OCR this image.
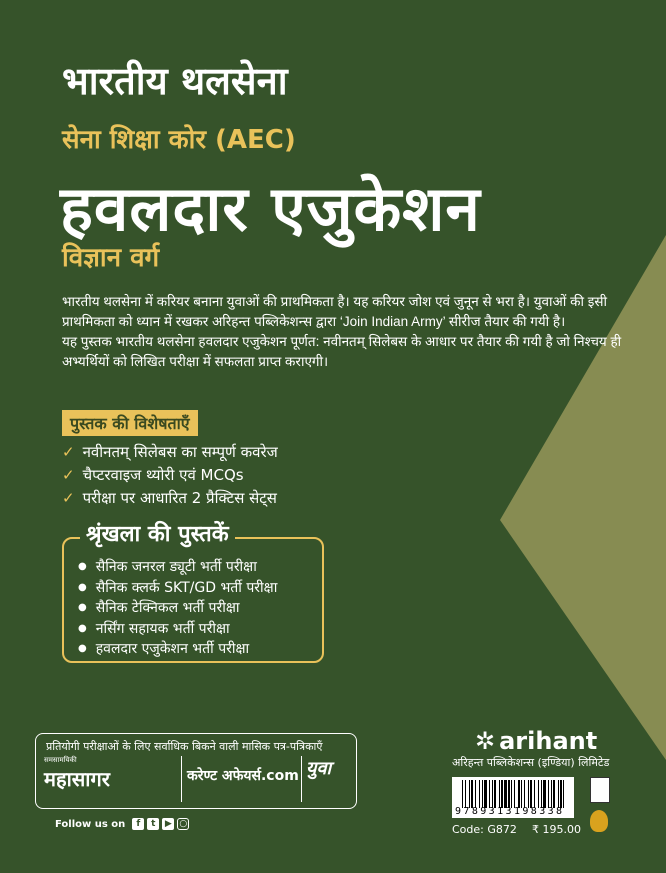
भारतीय थलसेना
सेना शिक्षा कोर (AEC)
हवलदार एजुकेशन
विज्ञान वर्ग

भारतीय थलसेना में करियर बनाना युवाओं की प्राथमिकता है। यह करियर जोश एवं जुनून से भरा है। युवाओं की इसी प्राथमिकता को ध्यान में रखकर अरिहन्त पब्लिकेशन्स द्वारा ‘Join Indian Army’ सीरीज तैयार की गयी है।

यह पुस्तक भारतीय थलसेना हवलदार एजुकेशन पूर्णत: नवीनतम् सिलेबस के आधार पर तैयार की गयी है जो निश्चय ही अभ्यर्थियों को लिखित परीक्षा में सफलता प्राप्त कराएगी।

पुस्तक की विशेषताएँ
✓ नवीनतम् सिलेबस का सम्पूर्ण कवरेज
✓ चैप्टरवाइज थ्योरी एवं MCQs
✓ परीक्षा पर आधारित 2 प्रैक्टिस सेट्स
● सैनिक जनरल ड्यूटी भर्ती परीक्षा
● सैनिक क्लर्क SKT/GD भर्ती परीक्षा
● सैनिक टेक्निकल भर्ती परीक्षा
● नर्सिंग सहायक भर्ती परीक्षा
● हवलदार एजुकेशन भर्ती परीक्षा
श्रृंखला की पुस्तकें
प्रतियोगी परीक्षाओं के लिए सर्वाधिक बिकने वाली मासिक पत्र-पत्रिकाएँ
समसामयिकी
महासागर	करेण्ट अफेयर्स.com युवा
Follow us on	f	t	▶ ○
✲ arihant
अरिहन्त पब्लिकेशन्स (इण्डिया) लिमिटेड
9789313198338
Code: G872 ₹ 195.00
